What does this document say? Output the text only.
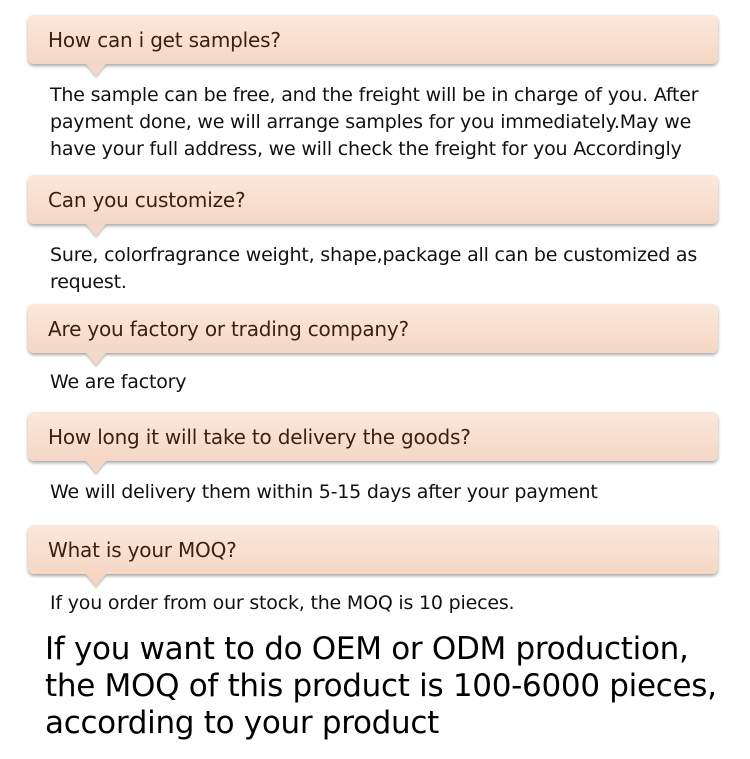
How can i get samples?
The sample can be free, and the freight will be in charge of you. After payment done, we will arrange samples for you immediately.May we have your full address, we will check the freight for you Accordingly
Can you customize?
Sure, colorfragrance weight, shape,package all can be customized as request.
Are you factory or trading company?
We are factory
How long it will take to delivery the goods?
We will delivery them within 5-15 days after your payment
What is your MOQ?
If you order from our stock, the MOQ is 10 pieces.
If you want to do OEM or ODM production, the MOQ of this product is 100-6000 pieces, according to your product
